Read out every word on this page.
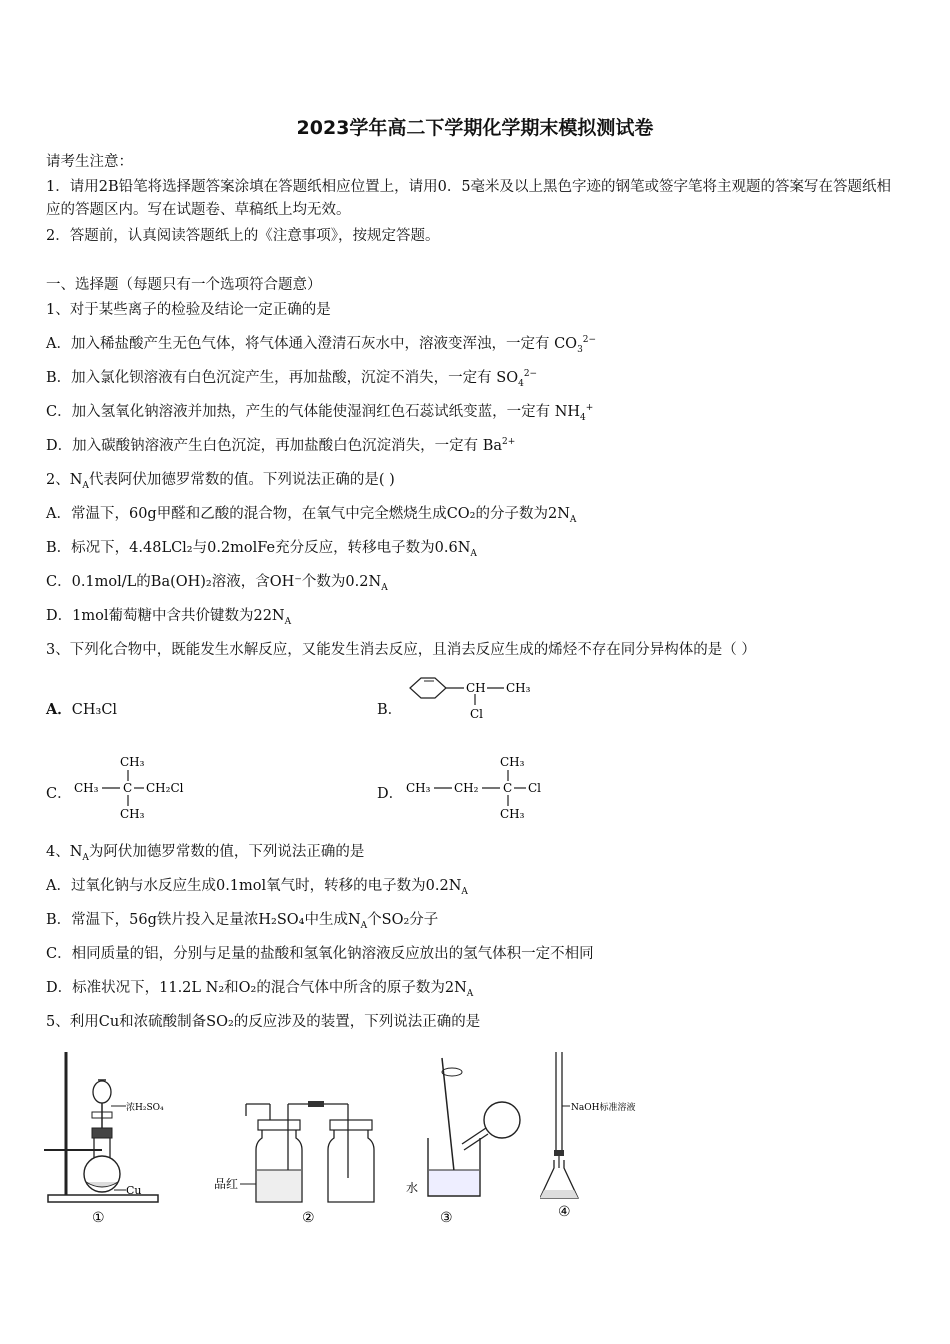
2023学年高二下学期化学期末模拟测试卷
请考生注意：
1．请用2B铅笔将选择题答案涂填在答题纸相应位置上，请用0．5毫米及以上黑色字迹的钢笔或签字笔将主观题的答案写在答题纸相应的答题区内。写在试题卷、草稿纸上均无效。
2．答题前，认真阅读答题纸上的《注意事项》，按规定答题。
一、选择题（每题只有一个选项符合题意）
1、对于某些离子的检验及结论一定正确的是
A．加入稀盐酸产生无色气体，将气体通入澄清石灰水中，溶液变浑浊，一定有 $CO_3^{2-}$
B．加入氯化钡溶液有白色沉淀产生，再加盐酸，沉淀不消失，一定有 $SO_4^{2-}$
C．加入氢氧化钠溶液并加热，产生的气体能使湿润红色石蕊试纸变蓝，一定有 $NH_4^+$
D．加入碳酸钠溶液产生白色沉淀，再加盐酸白色沉淀消失，一定有 $Ba^{2+}$
2、$N_A$代表阿伏加德罗常数的值。下列说法正确的是( )
A．常温下，60g甲醛和乙酸的混合物，在氧气中完全燃烧生成CO₂的分子数为$2N_A$
B．标况下，4.48LCl₂与0.2molFe充分反应，转移电子数为$0.6N_A$
C．0.1mol/L的Ba(OH)₂溶液，含OH⁻个数为$0.2N_A$
D．1mol葡萄糖中含共价键数为$22N_A$
3、下列化合物中，既能发生水解反应，又能发生消去反应，且消去反应生成的烯烃不存在同分异构体的是（ ）
A．CH₃Cl	B．
CH CH₃
Cl
C．
CH₃
CH₃ C CH₂Cl
CH₃
D． CH₃ CH₂ C Cl
CH₃
CH₃
4、$N_A$为阿伏加德罗常数的值，下列说法正确的是
A．过氧化钠与水反应生成0.1mol氧气时，转移的电子数为$0.2N_A$
B．常温下，56g铁片投入足量浓H₂SO₄中生成$N_A$个SO₂分子
C．相同质量的铝，分别与足量的盐酸和氢氧化钠溶液反应放出的氢气体积一定不相同
D．标准状况下，11.2L N₂和O₂的混合气体中所含的原子数为$2N_A$
5、利用Cu和浓硫酸制备SO₂的反应涉及的装置，下列说法正确的是
浓H₂SO₄
Cu
①
品红
②
水
③
NaOH标准溶液
④
